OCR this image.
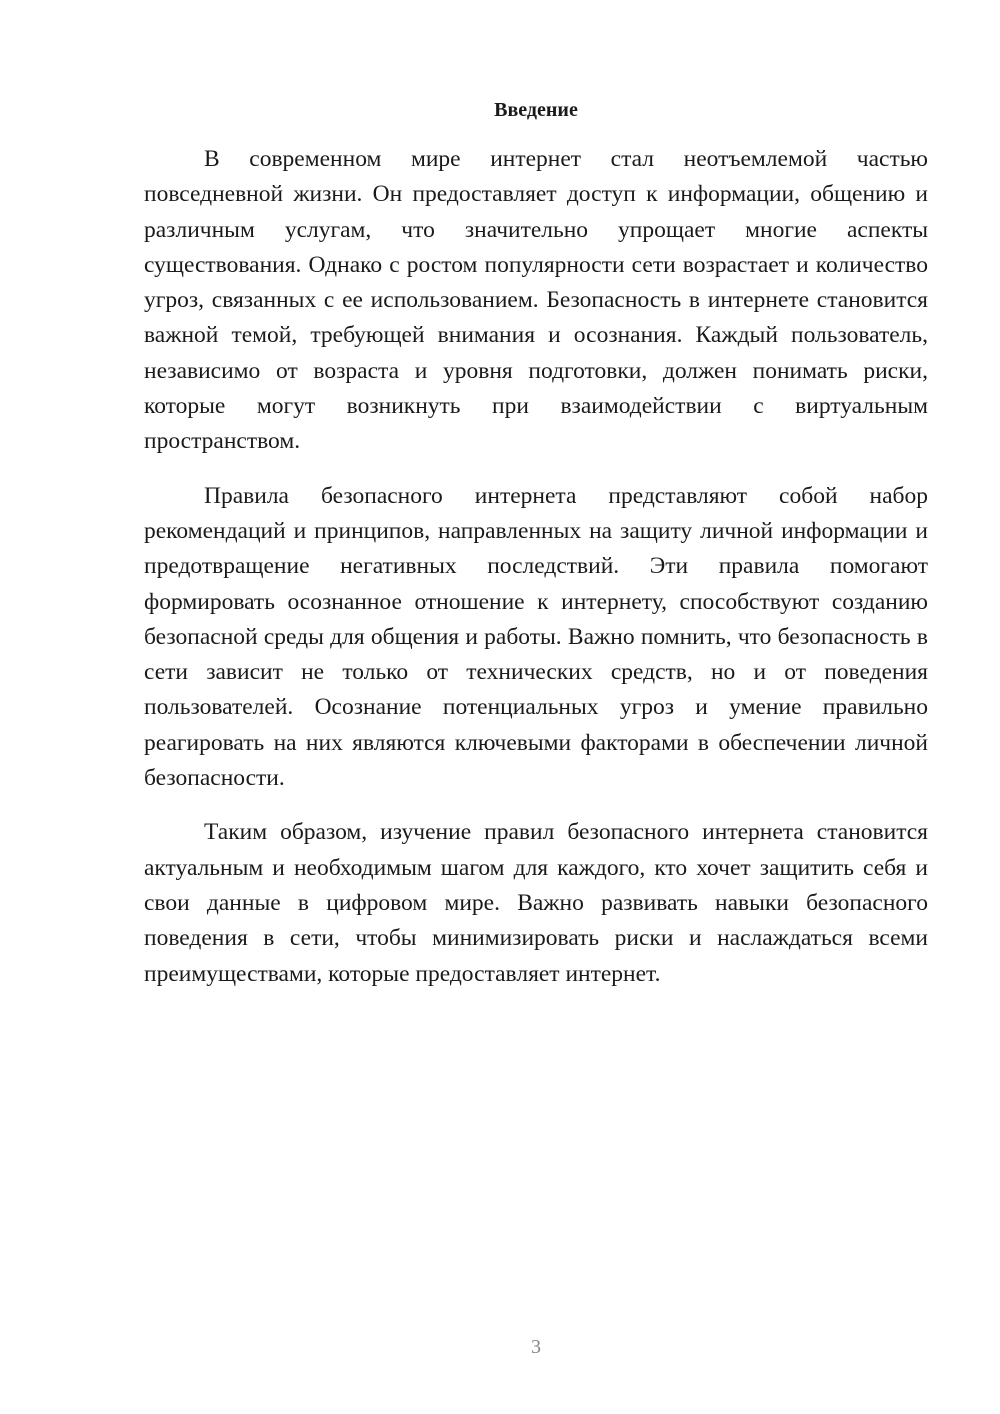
Введение

В современном мире интернет стал неотъемлемой частью повседневной жизни. Он предоставляет доступ к информации, общению и различным услугам, что значительно упрощает многие аспекты существования. Однако с ростом популярности сети возрастает и количество угроз, связанных с ее использованием. Безопасность в интернете становится важной темой, требующей внимания и осознания. Каждый пользователь, независимо от возраста и уровня подготовки, должен понимать риски, которые могут возникнуть при взаимодействии с виртуальным пространством.

Правила безопасного интернета представляют собой набор рекомендаций и принципов, направленных на защиту личной информации и предотвращение негативных последствий. Эти правила помогают формировать осознанное отношение к интернету, способствуют созданию безопасной среды для общения и работы. Важно помнить, что безопасность в сети зависит не только от технических средств, но и от поведения пользователей. Осознание потенциальных угроз и умение правильно реагировать на них являются ключевыми факторами в обеспечении личной безопасности.

Таким образом, изучение правил безопасного интернета становится актуальным и необходимым шагом для каждого, кто хочет защитить себя и свои данные в цифровом мире. Важно развивать навыки безопасного поведения в сети, чтобы минимизировать риски и наслаждаться всеми преимуществами, которые предоставляет интернет.

3
